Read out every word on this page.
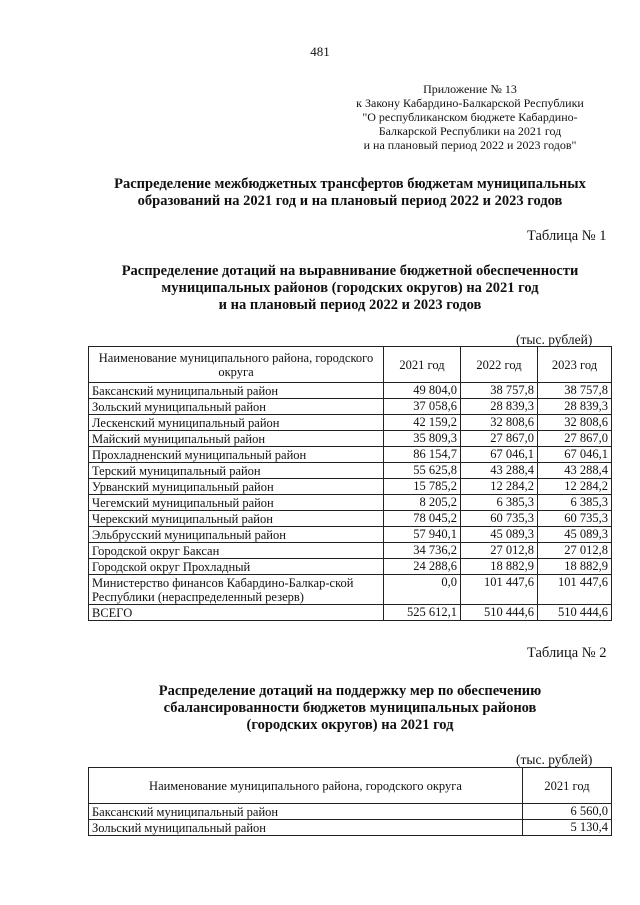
481
Приложение № 13
к Закону Кабардино-Балкарской Республики
"О республиканском бюджете Кабардино-
Балкарской Республики на 2021 год
и на плановый период 2022 и 2023 годов"
Распределение межбюджетных трансфертов бюджетам муниципальных
образований на 2021 год и на плановый период 2022 и 2023 годов
Таблица № 1
Распределение дотаций на выравнивание бюджетной обеспеченности
муниципальных районов (городских округов) на 2021 год
и на плановый период 2022 и 2023 годов
(тыс. рублей)
Наименование муниципального района, городского округа	2021 год	2022 год	2023 год
Баксанский муниципальный район	49 804,0	38 757,8	38 757,8
Зольский муниципальный район	37 058,6	28 839,3	28 839,3
Лескенский муниципальный район	42 159,2	32 808,6	32 808,6
Майский муниципальный район	35 809,3	27 867,0	27 867,0
Прохладненский муниципальный район	86 154,7	67 046,1	67 046,1
Терский муниципальный район	55 625,8	43 288,4	43 288,4
Урванский муниципальный район	15 785,2	12 284,2	12 284,2
Чегемский муниципальный район	8 205,2	6 385,3	6 385,3
Черекский муниципальный район	78 045,2	60 735,3	60 735,3
Эльбрусский муниципальный район	57 940,1	45 089,3	45 089,3
Городской округ Баксан	34 736,2	27 012,8	27 012,8
Городской округ Прохладный	24 288,6	18 882,9	18 882,9
Министерство финансов Кабардино-Балкар-ской Республики (нераспределенный резерв)	0,0	101 447,6	101 447,6
ВСЕГО	525 612,1	510 444,6	510 444,6
Таблица № 2
Распределение дотаций на поддержку мер по обеспечению
сбалансированности бюджетов муниципальных районов
(городских округов) на 2021 год
(тыс. рублей)
Наименование муниципального района, городского округа	2021 год
Баксанский муниципальный район	6 560,0
Зольский муниципальный район	5 130,4
